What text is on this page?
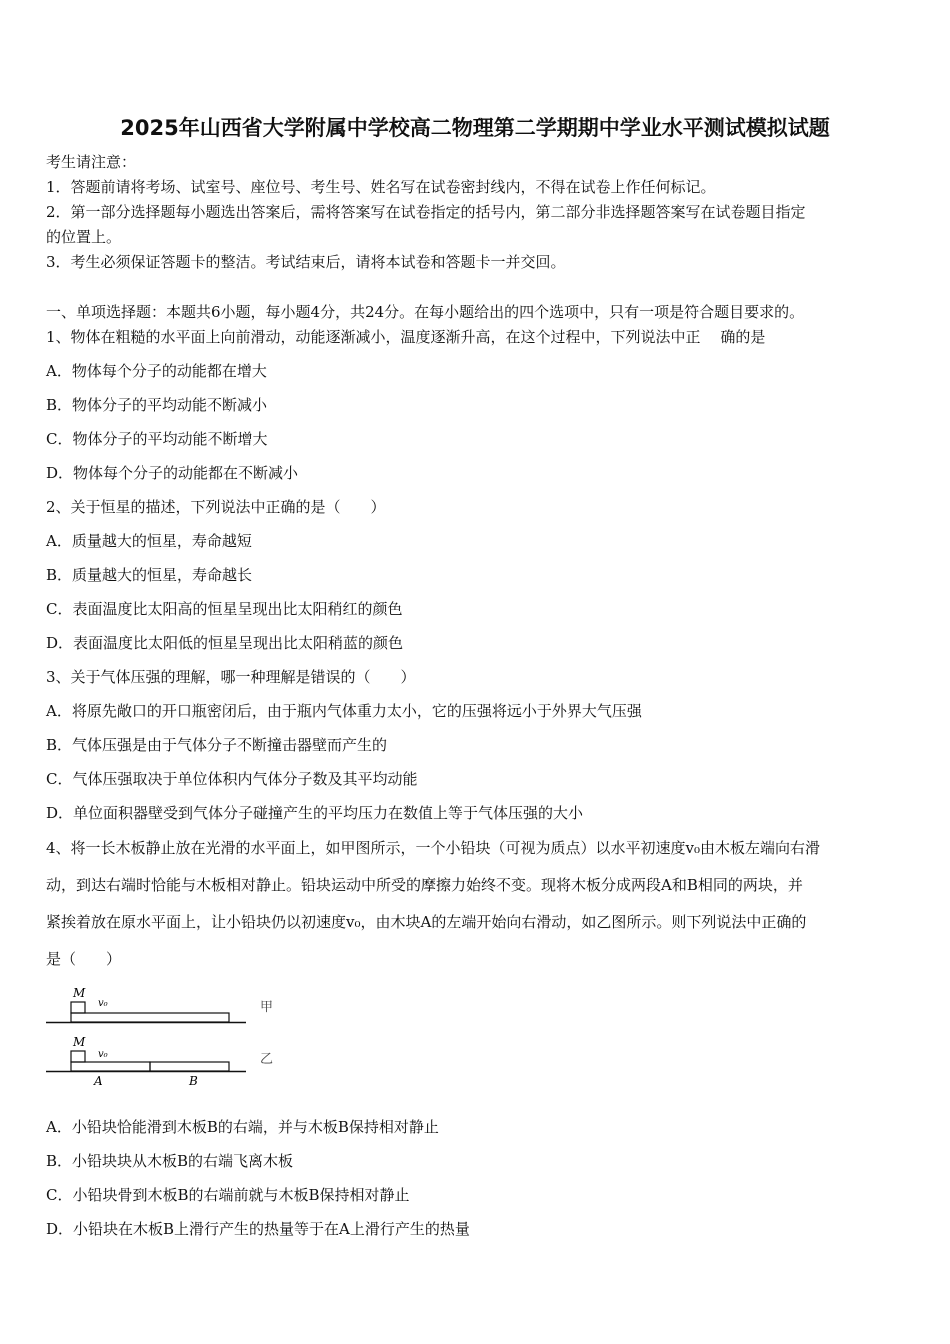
2025年山西省大学附属中学校高二物理第二学期期中学业水平测试模拟试题
考生请注意：
1．答题前请将考场、试室号、座位号、考生号、姓名写在试卷密封线内，不得在试卷上作任何标记。
2．第一部分选择题每小题选出答案后，需将答案写在试卷指定的括号内，第二部分非选择题答案写在试卷题目指定
的位置上。
3．考生必须保证答题卡的整洁。考试结束后，请将本试卷和答题卡一并交回。
一、单项选择题：本题共6小题，每小题4分，共24分。在每小题给出的四个选项中，只有一项是符合题目要求的。
1、物体在粗糙的水平面上向前滑动，动能逐渐减小，温度逐渐升高，在这个过程中，下列说法中正　 确的是
A．物体每个分子的动能都在增大
B．物体分子的平均动能不断减小
C．物体分子的平均动能不断增大
D．物体每个分子的动能都在不断减小
2、关于恒星的描述，下列说法中正确的是（　　）
A．质量越大的恒星，寿命越短
B．质量越大的恒星，寿命越长
C．表面温度比太阳高的恒星呈现出比太阳稍红的颜色
D．表面温度比太阳低的恒星呈现出比太阳稍蓝的颜色
3、关于气体压强的理解，哪一种理解是错误的（　　）
A．将原先敞口的开口瓶密闭后，由于瓶内气体重力太小，它的压强将远小于外界大气压强
B．气体压强是由于气体分子不断撞击器壁而产生的
C．气体压强取决于单位体积内气体分子数及其平均动能
D．单位面积器壁受到气体分子碰撞产生的平均压力在数值上等于气体压强的大小
4、将一长木板静止放在光滑的水平面上，如甲图所示，一个小铅块（可视为质点）以水平初速度v₀由木板左端向右滑
动，到达右端时恰能与木板相对静止。铅块运动中所受的摩擦力始终不变。现将木板分成两段A和B相同的两块，并
紧挨着放在原水平面上，让小铅块仍以初速度v₀，由木块A的左端开始向右滑动，如乙图所示。则下列说法中正确的
是（　　）
M
v₀	甲
M
v₀	乙
A	B
A．小铅块恰能滑到木板B的右端，并与木板B保持相对静止
B．小铅块块从木板B的右端飞离木板
C．小铅块骨到木板B的右端前就与木板B保持相对静止
D．小铅块在木板B上滑行产生的热量等于在A上滑行产生的热量
